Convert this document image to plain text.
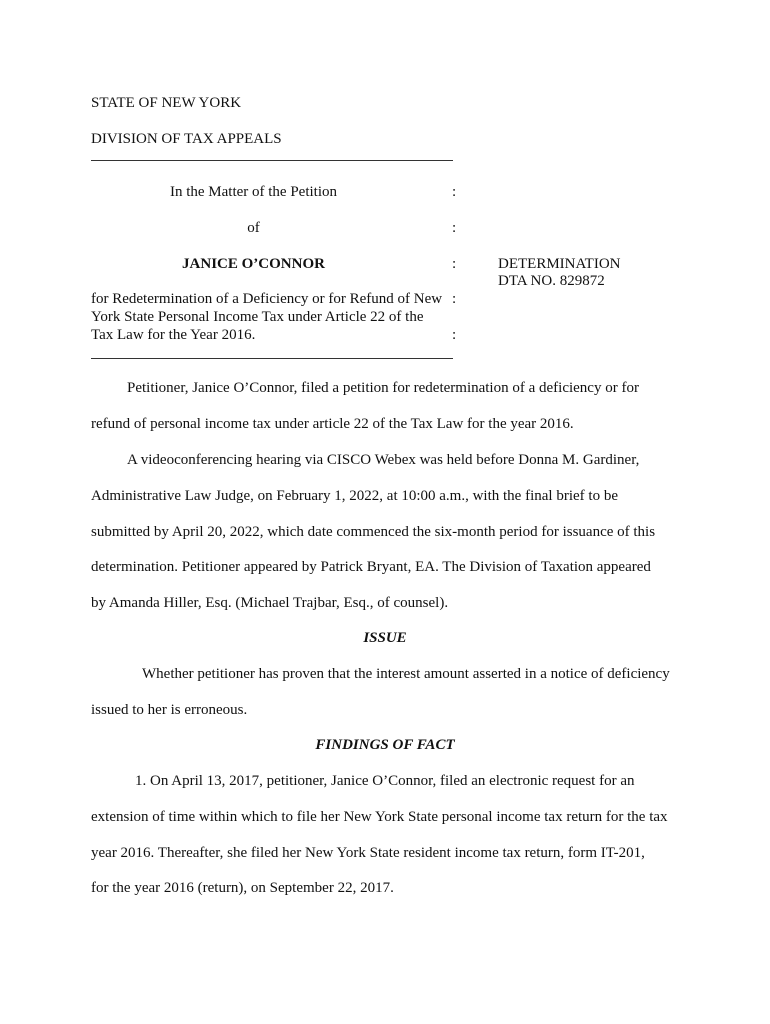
STATE OF NEW YORK
DIVISION OF TAX APPEALS
In the Matter of the Petition	:
of	:
JANICE O’CONNOR	:	DETERMINATION
DTA NO. 829872
for Redetermination of a Deficiency or for Refund of New :
York State Personal Income Tax under Article 22 of the
Tax Law for the Year 2016.	:
Petitioner, Janice O’Connor, filed a petition for redetermination of a deficiency or for
refund of personal income tax under article 22 of the Tax Law for the year 2016.
A videoconferencing hearing via CISCO Webex was held before Donna M. Gardiner,
Administrative Law Judge, on February 1, 2022, at 10:00 a.m., with the final brief to be
submitted by April 20, 2022, which date commenced the six-month period for issuance of this
determination. Petitioner appeared by Patrick Bryant, EA. The Division of Taxation appeared
by Amanda Hiller, Esq. (Michael Trajbar, Esq., of counsel).
ISSUE
Whether petitioner has proven that the interest amount asserted in a notice of deficiency
issued to her is erroneous.
FINDINGS OF FACT
1. On April 13, 2017, petitioner, Janice O’Connor, filed an electronic request for an
extension of time within which to file her New York State personal income tax return for the tax
year 2016. Thereafter, she filed her New York State resident income tax return, form IT-201,
for the year 2016 (return), on September 22, 2017.
